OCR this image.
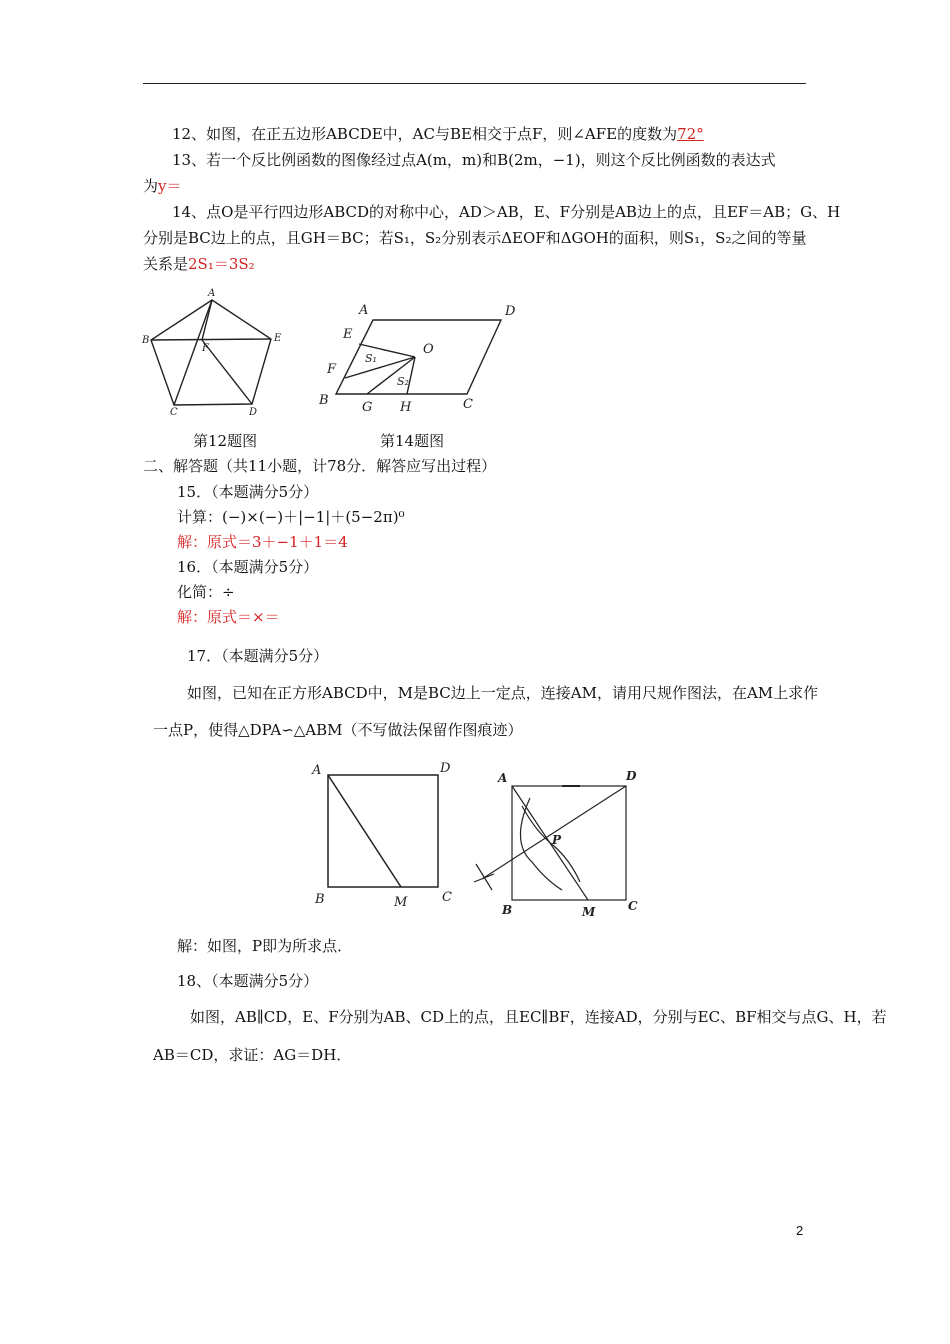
12、如图，在正五边形ABCDE中，AC与BE相交于点F，则∠AFE的度数为72°
13、若一个反比例函数的图像经过点A(m，m)和B(2m，−1)，则这个反比例函数的表达式
为y＝
14、点O是平行四边形ABCD的对称中心，AD＞AB，E、F分别是AB边上的点，且EF＝AB；G、H
分别是BC边上的点，且GH＝BC；若S₁，S₂分别表示ΔEOF和ΔGOH的面积，则S₁，S₂之间的等量
关系是2S₁＝3S₂
A
B	E
F
C	D
A	D
E
O
S₁
F
S₂
B	G H	C
第12题图	第14题图
二、解答题（共11小题，计78分．解答应写出过程）
15．（本题满分5分）
计算：(−)×(−)＋|−1|＋(5−2π)⁰
解：原式＝3＋−1＋1＝4
16．（本题满分5分）
化简：÷
解：原式＝×＝
17．（本题满分5分）
如图，已知在正方形ABCD中，M是BC边上一定点，连接AM，请用尺规作图法，在AM上求作
一点P，使得△DPA∽△ABM（不写做法保留作图痕迹）
A	D
B	M	C
A	D
P
B	M	C
解：如图，P即为所求点．
18、（本题满分5分）
如图，AB∥CD，E、F分别为AB、CD上的点，且EC∥BF，连接AD，分别与EC、BF相交与点G、H，若
AB＝CD，求证：AG＝DH．
2
